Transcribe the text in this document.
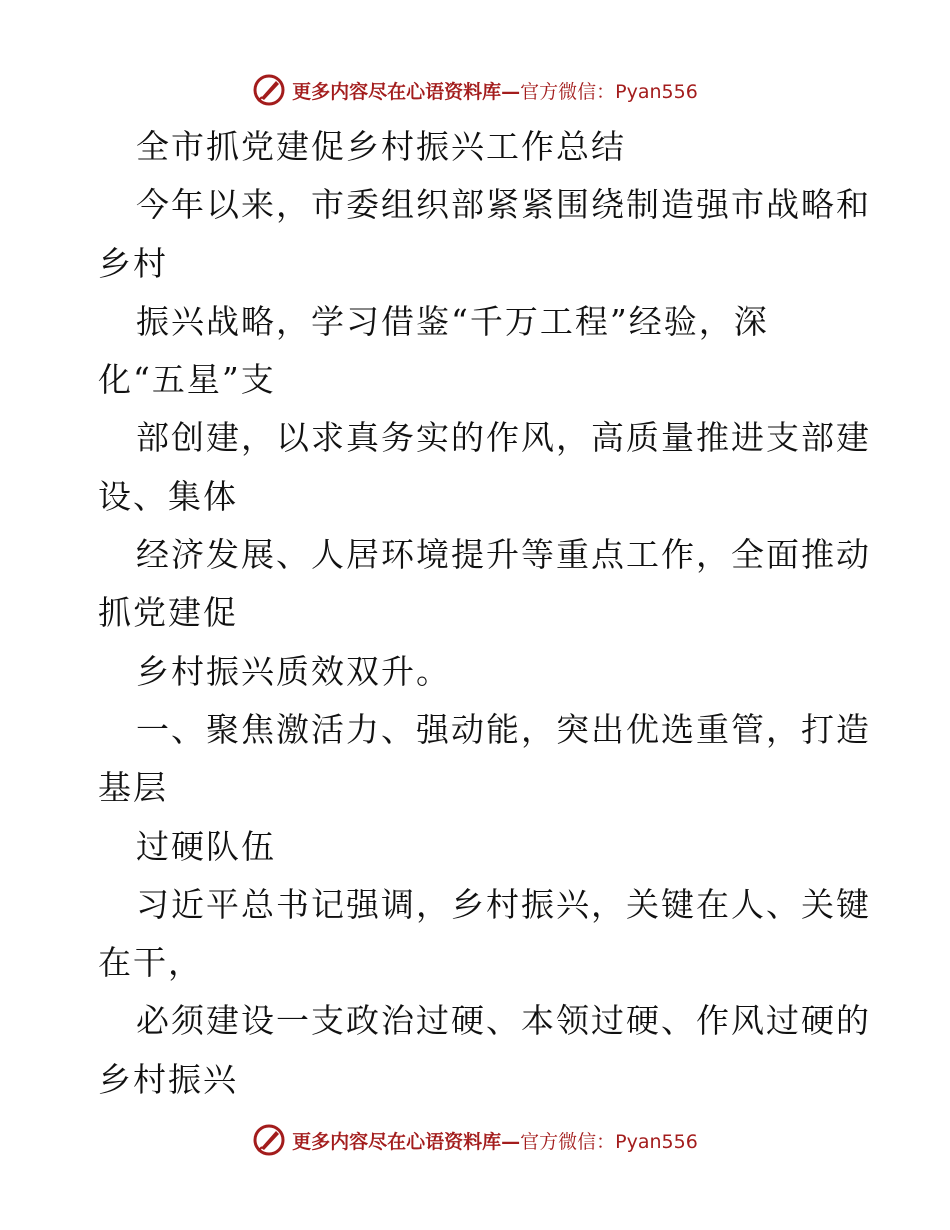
更多内容尽在心语资料库— 官方微信：Pyan556
全市抓党建促乡村振兴工作总结
今年以来，市委组织部紧紧围绕制造强市战略和
乡村
振兴战略，学习借鉴“千万工程”经验，深
化“五星”支
部创建，以求真务实的作风，高质量推进支部建
设、集体
经济发展、人居环境提升等重点工作，全面推动
抓党建促
乡村振兴质效双升。
一、聚焦激活力、强动能，突出优选重管，打造
基层
过硬队伍
习近平总书记强调，乡村振兴，关键在人、关键
在干，
必须建设一支政治过硬、本领过硬、作风过硬的
乡村振兴
更多内容尽在心语资料库— 官方微信：Pyan556
